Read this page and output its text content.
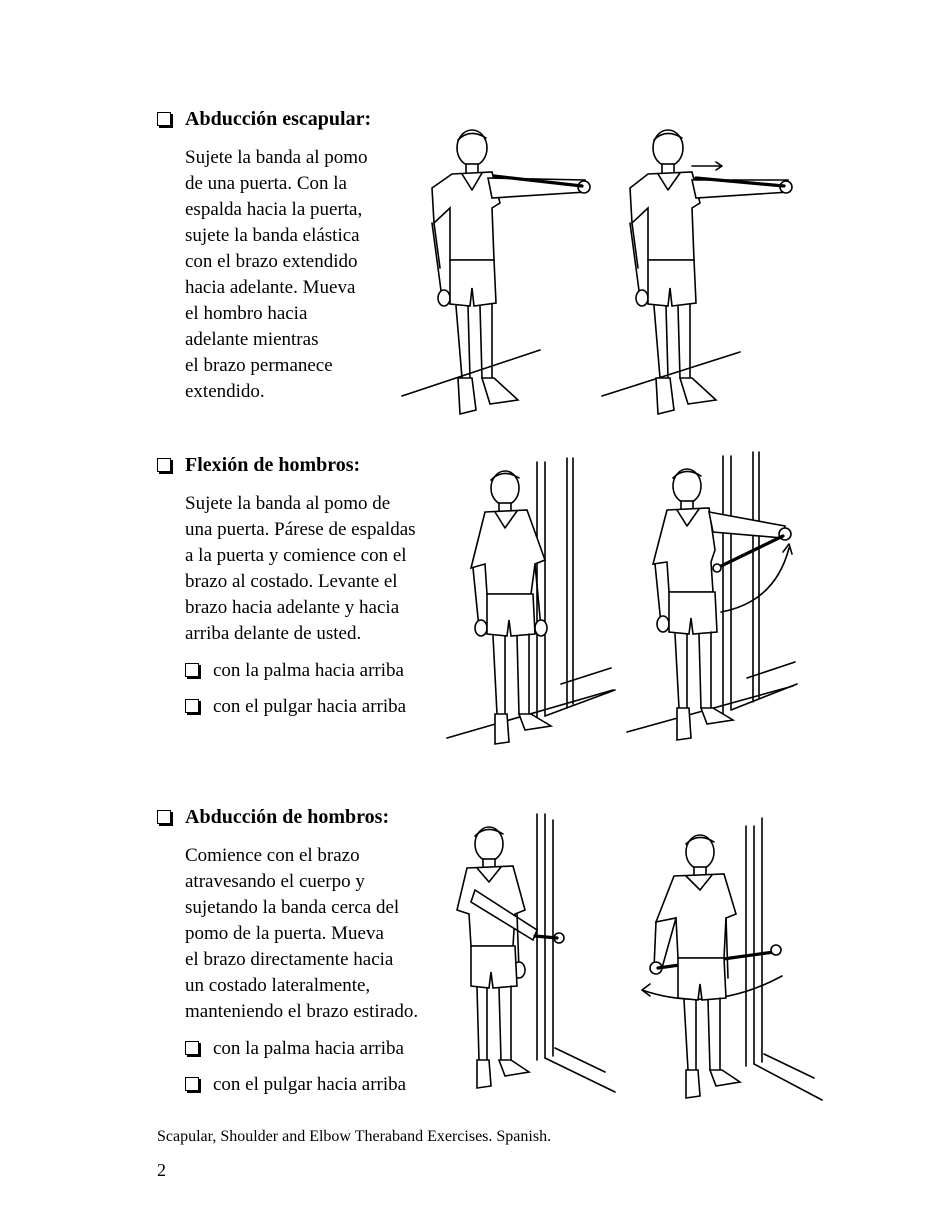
Abducción escapular:
Sujete la banda al pomo
de una puerta. Con la
espalda hacia la puerta,
sujete la banda elástica
con el brazo extendido
hacia adelante. Mueva
el hombro hacia
adelante mientras
el brazo permanece
extendido.
Flexión de hombros:
Sujete la banda al pomo de
una puerta. Párese de espaldas
a la puerta y comience con el
brazo al costado. Levante el
brazo hacia adelante y hacia
arriba delante de usted.
con la palma hacia arriba
con el pulgar hacia arriba
Abducción de hombros:
Comience con el brazo
atravesando el cuerpo y
sujetando la banda cerca del
pomo de la puerta. Mueva
el brazo directamente hacia
un costado lateralmente,
manteniendo el brazo estirado.
con la palma hacia arriba
con el pulgar hacia arriba
Scapular, Shoulder and Elbow Theraband Exercises. Spanish.
2
